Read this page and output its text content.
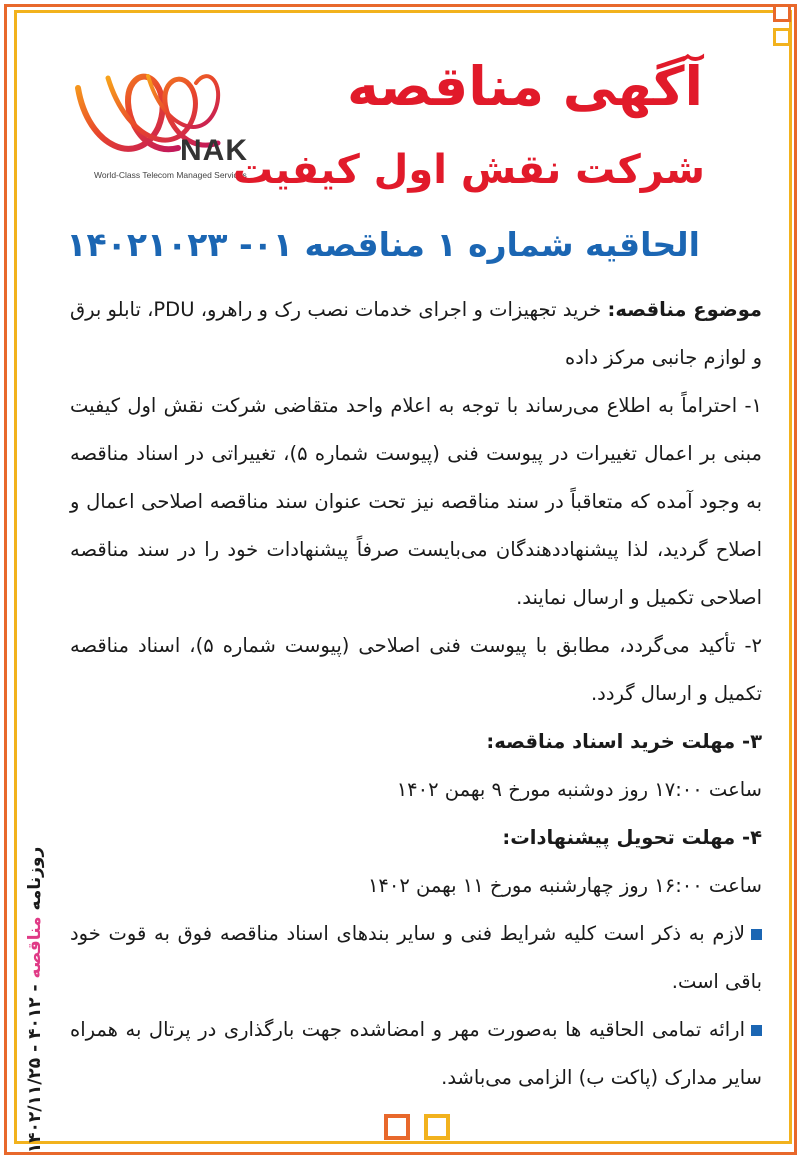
روزنامه مناقصه - ۴۰۱۲ - ۱۴۰۲/۱۱/۲۵
NAK
World-Class Telecom Managed Services
آگهی مناقصه
شرکت نقش اول کیفیت
الحاقیه شماره ۱ مناقصه ۰۱- ۱۴۰۲۱۰۲۳

موضوع مناقصه: خرید تجهیزات و اجرای خدمات نصب رک و راهرو، PDU، تابلو برق و لوازم جانبی مرکز داده

۱- احتراماً به اطلاع می‌رساند با توجه به اعلام واحد متقاضی شرکت نقش اول کیفیت مبنی بر اعمال تغییرات در پیوست فنی (پیوست شماره ۵)، تغییراتی در اسناد مناقصه به وجود آمده که متعاقباً در سند مناقصه نیز تحت عنوان سند مناقصه اصلاحی اعمال و اصلاح گردید، لذا پیشنهاددهندگان می‌بایست صرفاً پیشنهادات خود را در سند مناقصه اصلاحی تکمیل و ارسال نمایند.

۲- تأکید می‌گردد، مطابق با پیوست فنی اصلاحی (پیوست شماره ۵)، اسناد مناقصه تکمیل و ارسال گردد.

۳- مهلت خرید اسناد مناقصه:

ساعت ۱۷:۰۰ روز دوشنبه مورخ ۹ بهمن ۱۴۰۲

۴- مهلت تحویل پیشنهادات:

ساعت ۱۶:۰۰ روز چهارشنبه مورخ ۱۱ بهمن ۱۴۰۲

لازم به ذکر است کلیه شرایط فنی و سایر بندهای اسناد مناقصه فوق به قوت خود باقی است.

ارائه تمامی الحاقیه ها به‌صورت مهر و امضاشده جهت بارگذاری در پرتال به همراه سایر مدارک (پاکت ب) الزامی می‌باشد.
